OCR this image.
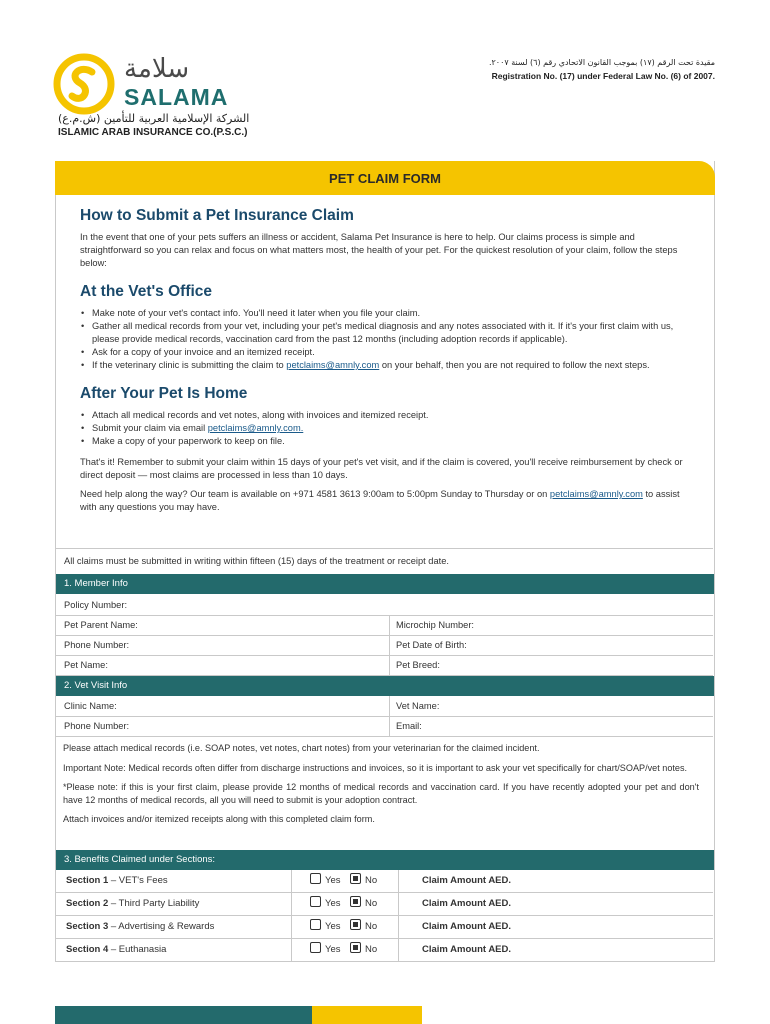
سلامة
SALAMA
الشركة الإسلامية العربية للتأمين (ش.م.ع)
ISLAMIC ARAB INSURANCE CO.(P.S.C.)
مقيدة تحت الرقم (١٧) بموجب القانون الاتحادي رقم (٦) لسنة ٢٠٠٧.
Registration No. (17) under Federal Law No. (6) of 2007.
PET CLAIM FORM
How to Submit a Pet Insurance Claim

In the event that one of your pets suffers an illness or accident, Salama Pet Insurance is here to help. Our claims process is simple and straightforward so you can relax and focus on what matters most, the health of your pet. For the quickest resolution of your claim, follow the steps below:

At the Vet's Office
• Make note of your vet's contact info. You'll need it later when you file your claim.
• Gather all medical records from your vet, including your pet's medical diagnosis and any notes associated with it. If it's your first claim with us, please provide medical records, vaccination card from the past 12 months (including adoption records if applicable).
• Ask for a copy of your invoice and an itemized receipt.
• If the veterinary clinic is submitting the claim to petclaims@amnly.com on your behalf, then you are not required to follow the next steps.
After Your Pet Is Home
• Attach all medical records and vet notes, along with invoices and itemized receipt.
• Submit your claim via email petclaims@amnly.com.
• Make a copy of your paperwork to keep on file.

That's it! Remember to submit your claim within 15 days of your pet's vet visit, and if the claim is covered, you'll receive reimbursement by check or direct deposit — most claims are processed in less than 10 days.

Need help along the way? Our team is available on +971 4581 3613 9:00am to 5:00pm Sunday to Thursday or on petclaims@amnly.com to assist with any questions you may have.

All claims must be submitted in writing within fifteen (15) days of the treatment or receipt date.
1. Member Info
Policy Number:
Pet Parent Name:	Microchip Number:
Phone Number:	Pet Date of Birth:
Pet Name:	Pet Breed:
2. Vet Visit Info
Clinic Name:	Vet Name:
Phone Number:	Email:

Please attach medical records (i.e. SOAP notes, vet notes, chart notes) from your veterinarian for the claimed incident.

Important Note: Medical records often differ from discharge instructions and invoices, so it is important to ask your vet specifically for chart/SOAP/vet notes.

*Please note: if this is your first claim, please provide 12 months of medical records and vaccination card. If you have recently adopted your pet and don't have 12 months of medical records, all you will need to submit is your adoption contract.

Attach invoices and/or itemized receipts along with this completed claim form.

3. Benefits Claimed under Sections:
Section 1 – VET's Fees	Yes	No	Claim Amount AED.
Section 2 – Third Party Liability	Yes	No	Claim Amount AED.
Section 3 – Advertising & Rewards	Yes	No	Claim Amount AED.
Section 4 – Euthanasia	Yes	No	Claim Amount AED.
